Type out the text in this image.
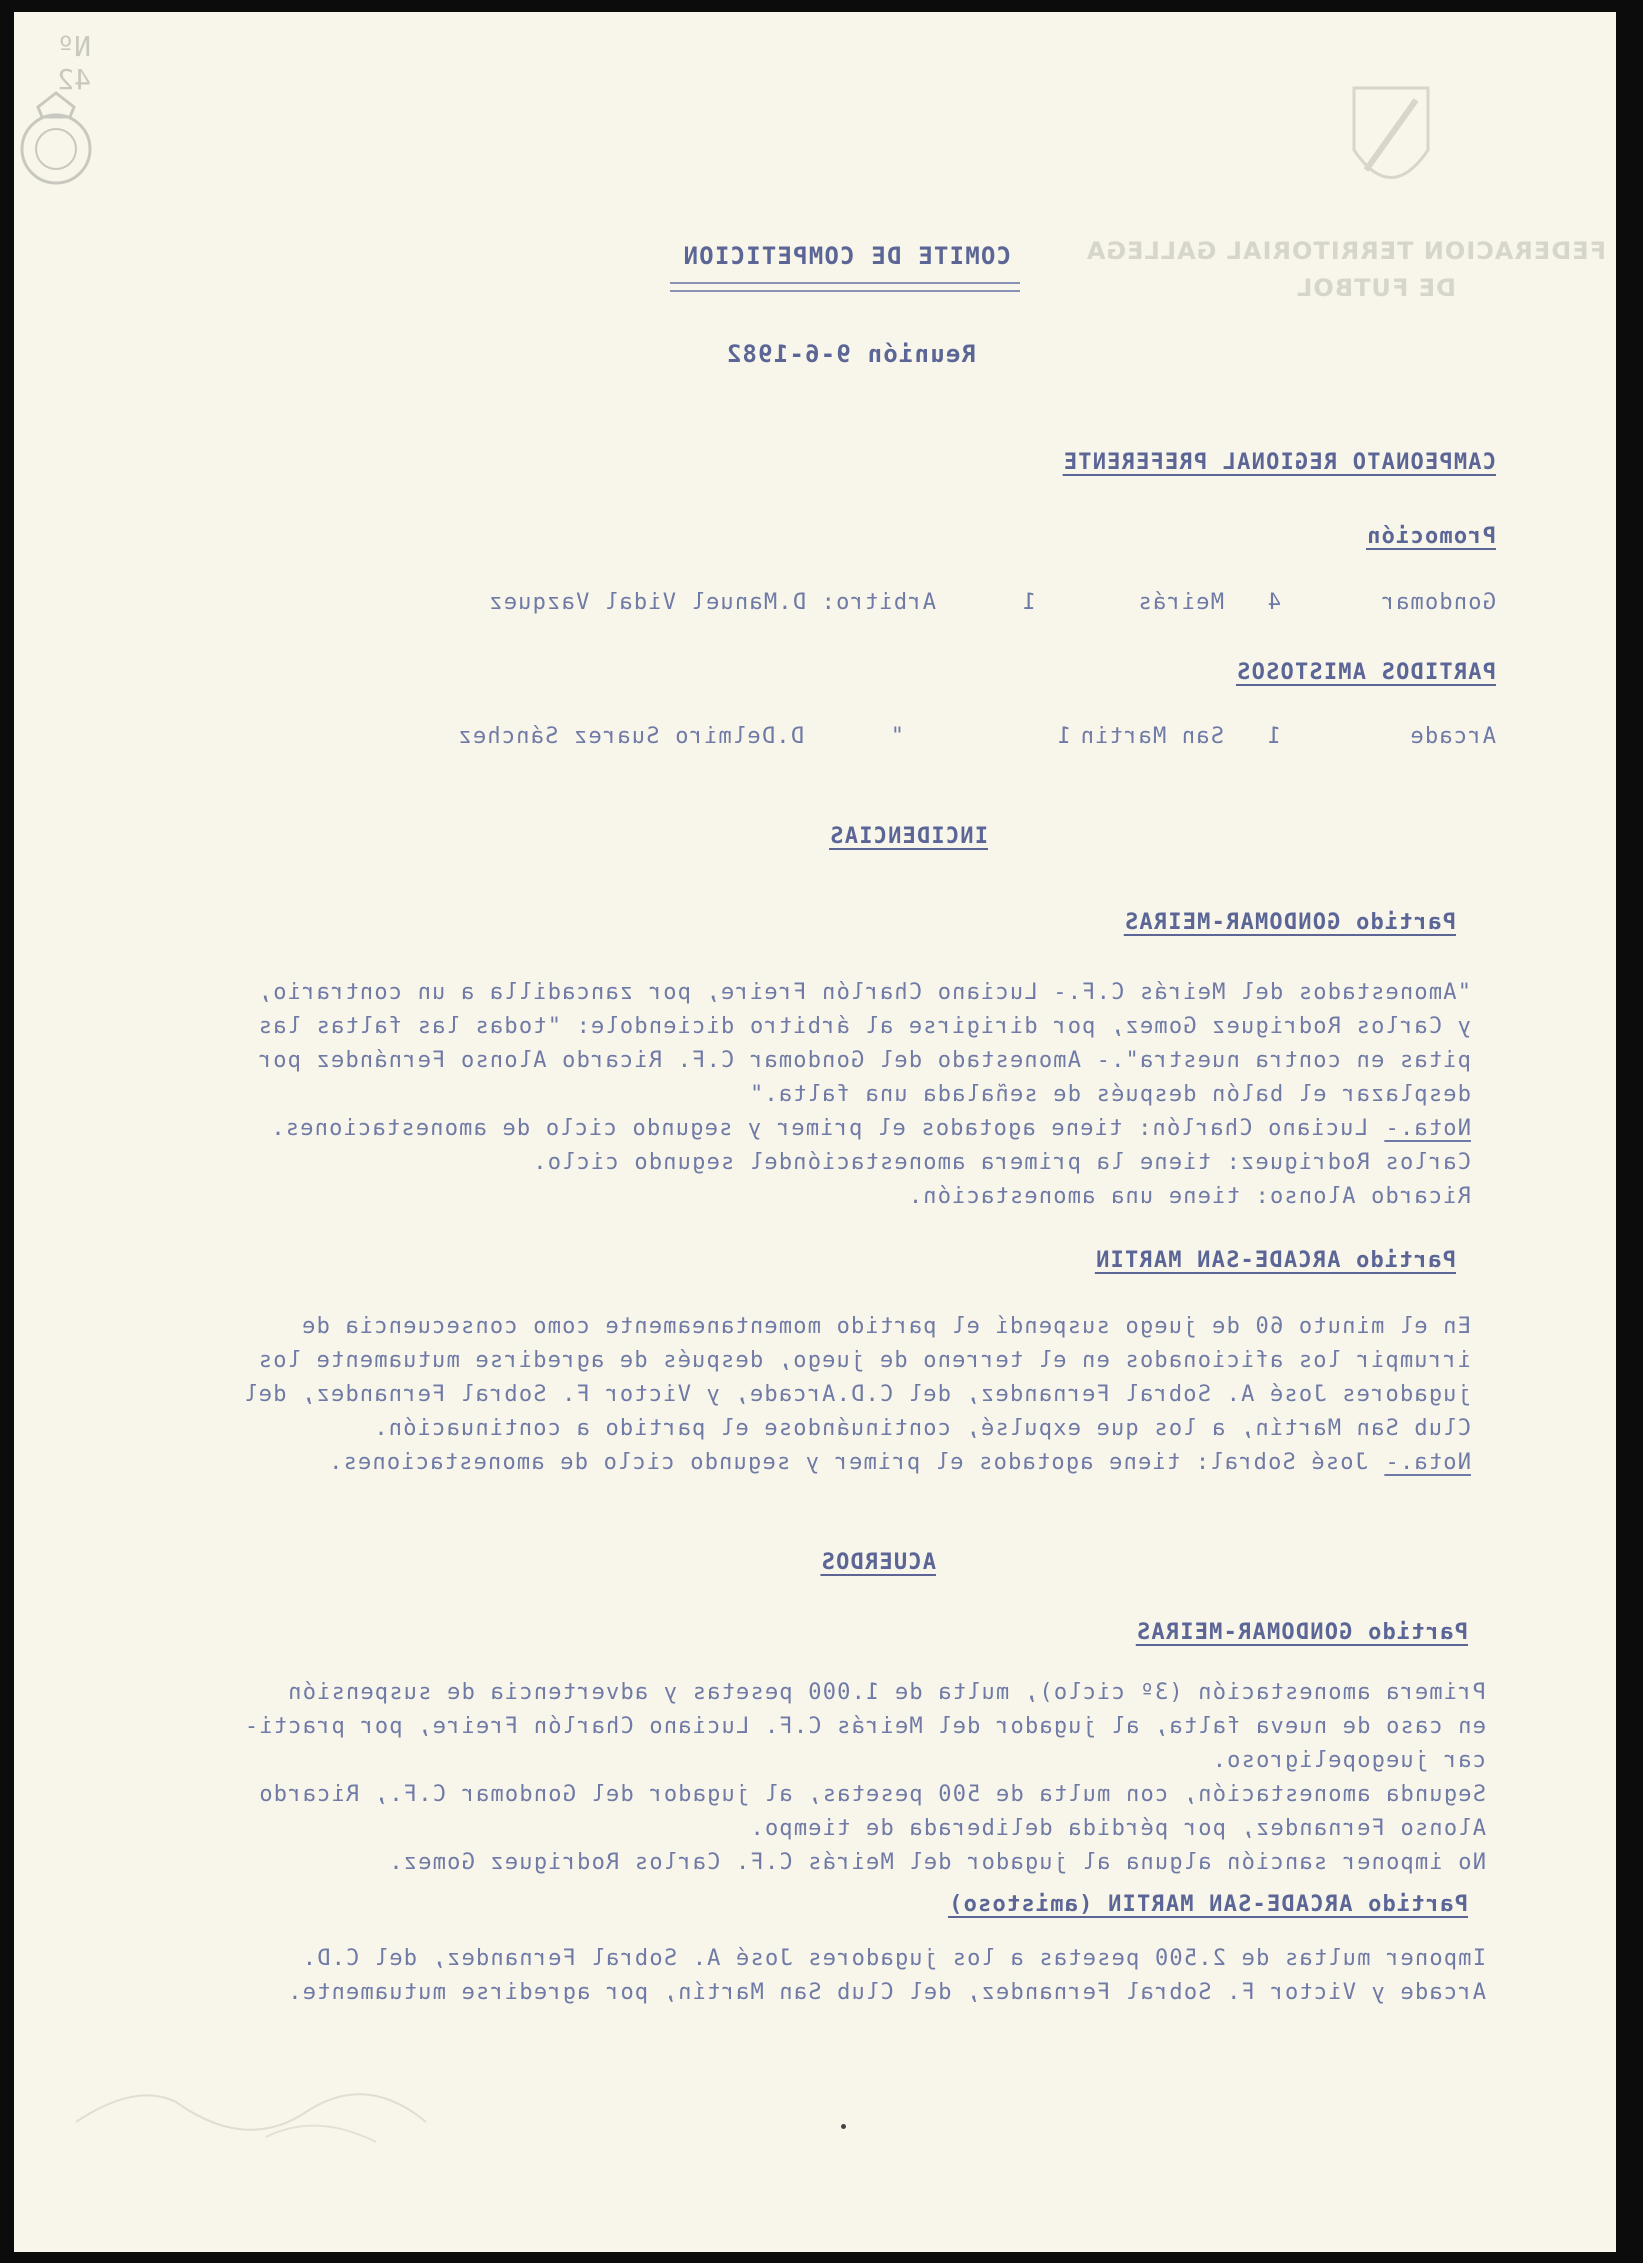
Nº 42
FEDERACION TERRITORIAL GALLEGA
DE FUTBOL
COMITE DE COMPETICION
Reunión 9-6-1982
CAMPEONATO REGIONAL PREFERENTE
Promoción
Gondomar
4
Meirás
1
Arbitro: D.Manuel Vidal Vazquez
PARTIDOS AMISTOSOS
Arcade
1
San Martin
1
"
D.Delmiro Suarez Sánchez
INCIDENCIAS
Partido GONDOMAR-MEIRAS
"Amonestados del Meirás C.F.- Luciano Charlón Freire, por zancadilla a un contrario,
y Carlos Rodriguez Gomez, por dirigirse al árbitro diciendole: "todas las faltas las
pitas en contra nuestra".- Amonestado del Gondomar C.F. Ricardo Alonso Fernández por
desplazar el balón después de señalada una falta."
Nota.-
Luciano Charlón: tiene agotados el primer y segundo ciclo de amonestaciones.
Carlos Rodriguez: tiene la primera amonestacióndel segundo ciclo.
Ricardo Alonso: tiene una amonestación.
Partido ARCADE-SAN MARTIN
En el minuto 60 de juego suspendí el partido momentaneamente como consecuencia de
irrumpir los aficionados en el terreno de juego, después de agredirse mutuamente los
jugadores José A. Sobral Fernandez, del C.D.Arcade, y Victor F. Sobral Fernandez, del
Club San Martín, a los que expulsé, continuándose el partido a continuación.
Nota.-
José Sobral: tiene agotados el primer y segundo ciclo de amonestaciones.
ACUERDOS
Partido GONDOMAR-MEIRAS
Primera amonestación (3º ciclo), multa de 1.000 pesetas y advertencia de suspensión
en caso de nueva falta, al jugador del Meirás C.F. Luciano Charlón Freire, por practi-
car juegopeligroso.
Segunda amonestación, con multa de 500 pesetas, al jugador del Gondomar C.F., Ricardo
Alonso Fernandez, por pérdida deliberada de tiempo.
No imponer sanción alguna al jugador del Meirás C.F. Carlos Rodriguez Gomez.
Partido ARCADE-SAN MARTIN (amistoso)
Imponer multas de 2.500 pesetas a los jugadores José A. Sobral Fernandez, del C.D.
Arcade y Victor F. Sobral Fernandez, del Club San Martín, por agredirse mutuamente.
